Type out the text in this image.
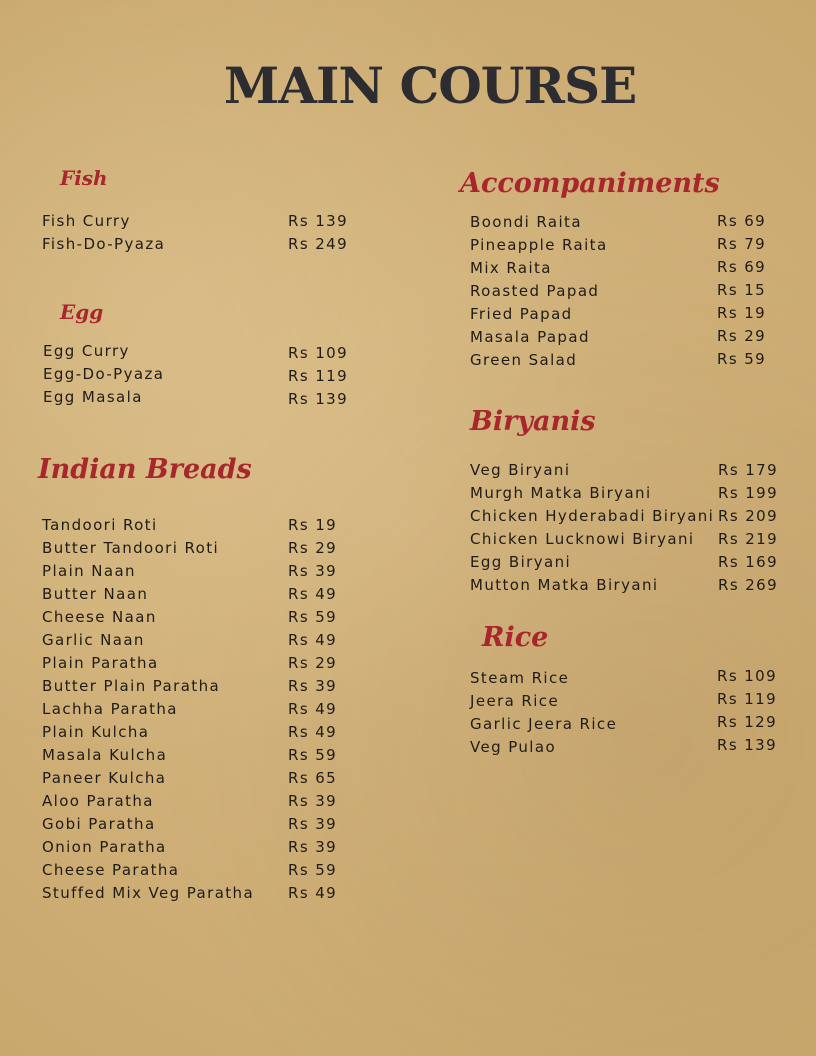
MAIN COURSE
Fish
Fish Curry	Rs 139
Fish-Do-Pyaza	Rs 249
Egg
Egg Curry	Rs 109
Egg-Do-Pyaza	Rs 119
Egg Masala	Rs 139
Indian Breads
Tandoori Roti	Rs 19
Butter Tandoori Roti	Rs 29
Plain Naan	Rs 39
Butter Naan	Rs 49
Cheese Naan	Rs 59
Garlic Naan	Rs 49
Plain Paratha	Rs 29
Butter Plain Paratha	Rs 39
Lachha Paratha	Rs 49
Plain Kulcha	Rs 49
Masala Kulcha	Rs 59
Paneer Kulcha	Rs 65
Aloo Paratha	Rs 39
Gobi Paratha	Rs 39
Onion Paratha	Rs 39
Cheese Paratha	Rs 59
Stuffed Mix Veg Paratha Rs 49
Accompaniments
Boondi Raita	Rs 69
Pineapple Raita	Rs 79
Mix Raita	Rs 69
Roasted Papad	Rs 15
Fried Papad	Rs 19
Masala Papad	Rs 29
Green Salad	Rs 59
Biryanis
Veg Biryani	Rs 179
Murgh Matka Biryani	Rs 199
Chicken Hyderabadi Biryani Rs 209
Chicken Lucknowi Biryani Rs 219
Egg Biryani	Rs 169
Mutton Matka Biryani	Rs 269
Rice
Steam Rice	Rs 109
Jeera Rice	Rs 119
Garlic Jeera Rice	Rs 129
Veg Pulao	Rs 139
